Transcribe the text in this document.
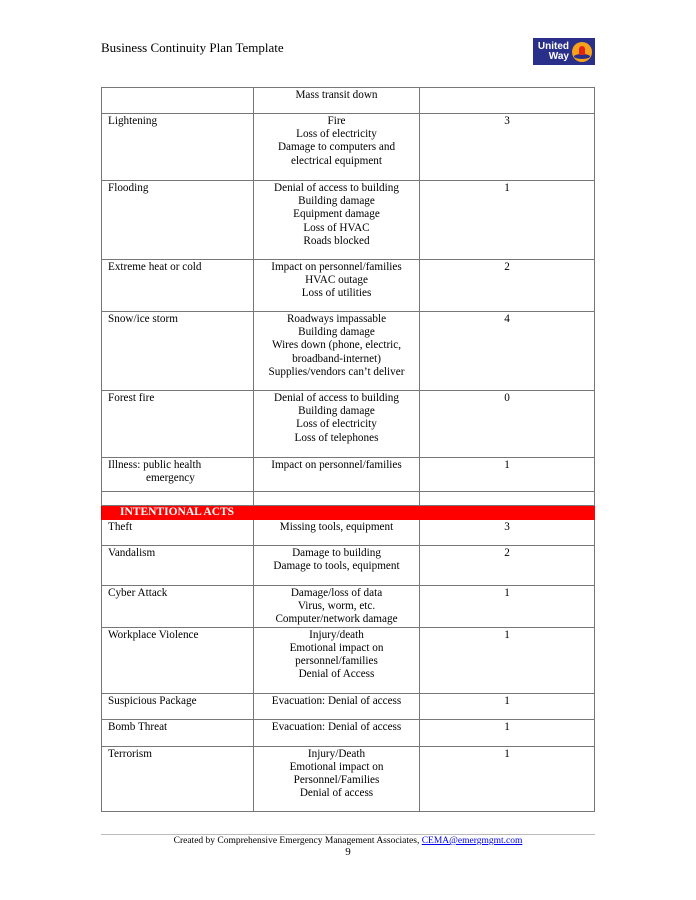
Business Continuity Plan Template	United
Way

	Mass transit down	

Lightening	Fire
Loss of electricity
Damage to computers and
electrical equipment	3

Flooding	Denial of access to building
Building damage
Equipment damage
Loss of HVAC
Roads blocked	1

Extreme heat or cold	Impact on personnel/families
HVAC outage
Loss of utilities	2

Snow/ice storm	Roadways impassable
Building damage
Wires down (phone, electric,
broadband-internet)
Supplies/vendors can’t deliver	4

Forest fire	Denial of access to building
Building damage
Loss of electricity
Loss of telephones	0

Illness: public health
emergency	Impact on personnel/families	1

INTENTIONAL ACTS		

Theft	Missing tools, equipment	3

Vandalism	Damage to building
Damage to tools, equipment	2

Cyber Attack	Damage/loss of data
Virus, worm, etc.
Computer/network damage	1

Workplace Violence	Injury/death
Emotional impact on
personnel/families
Denial of Access	1

Suspicious Package	Evacuation: Denial of access	1

Bomb Threat	Evacuation: Denial of access	1

Terrorism	Injury/Death
Emotional impact on
Personnel/Families
Denial of access	1
Created by Comprehensive Emergency Management Associates, CEMA@emergmgmt.com
9
